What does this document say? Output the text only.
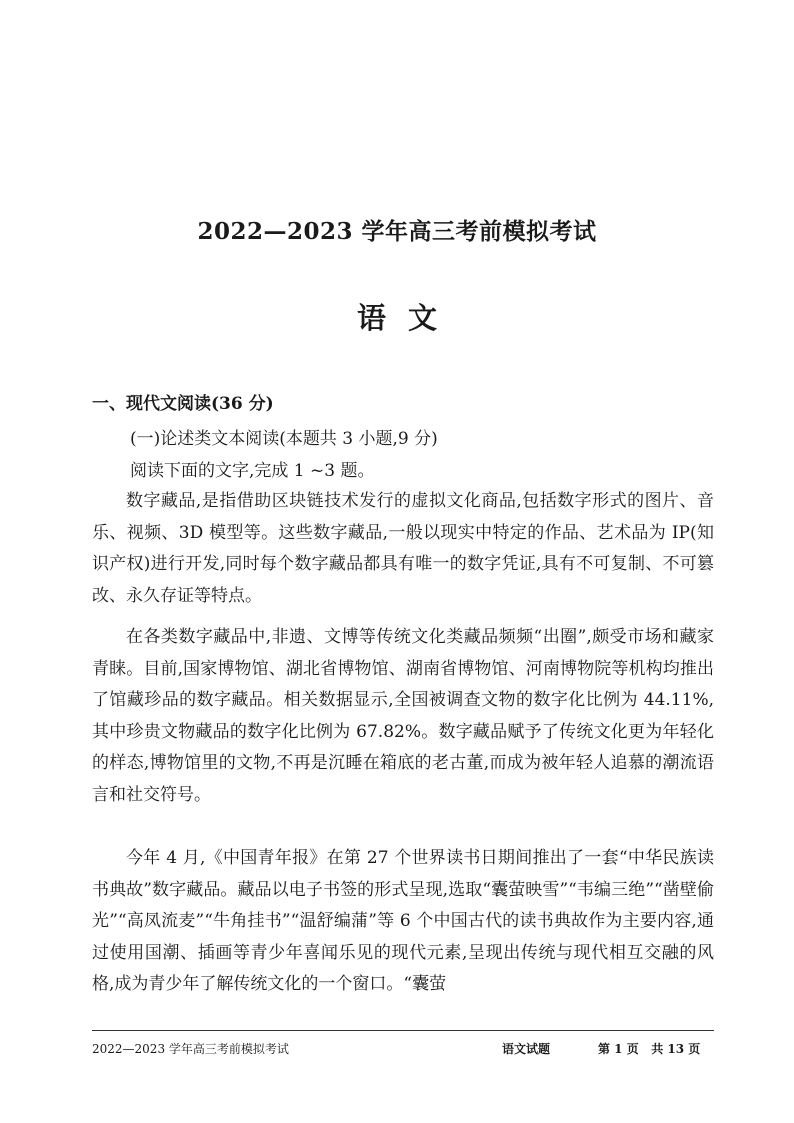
2022—2023 学年高三考前模拟考试
语文
一、现代文阅读(36 分)
(一)论述类文本阅读(本题共 3 小题,9 分)
阅读下面的文字,完成 1 ~3 题。
数字藏品,是指借助区块链技术发行的虚拟文化商品,包括数字形式的图片、音乐、视频、3D 模型等。这些数字藏品,一般以现实中特定的作品、艺术品为 IP(知识产权)进行开发,同时每个数字藏品都具有唯一的数字凭证,具有不可复制、不可篡改、永久存证等特点。
在各类数字藏品中,非遗、文博等传统文化类藏品频频“出圈”,颇受市场和藏家青睐。目前,国家博物馆、湖北省博物馆、湖南省博物馆、河南博物院等机构均推出了馆藏珍品的数字藏品。相关数据显示,全国被调查文物的数字化比例为 44.11%,其中珍贵文物藏品的数字化比例为 67.82%。数字藏品赋予了传统文化更为年轻化的样态,博物馆里的文物,不再是沉睡在箱底的老古董,而成为被年轻人追慕的潮流语言和社交符号。
今年 4 月,《中国青年报》在第 27 个世界读书日期间推出了一套“中华民族读书典故”数字藏品。藏品以电子书签的形式呈现,选取“囊萤映雪”“韦编三绝”“凿壁偷光”“高凤流麦”“牛角挂书”“温舒编蒲”等 6 个中国古代的读书典故作为主要内容,通过使用国潮、插画等青少年喜闻乐见的现代元素,呈现出传统与现代相互交融的风格,成为青少年了解传统文化的一个窗口。“囊萤
2022—2023 学年高三考前模拟考试	语文试题	第 1 页   共 13 页
